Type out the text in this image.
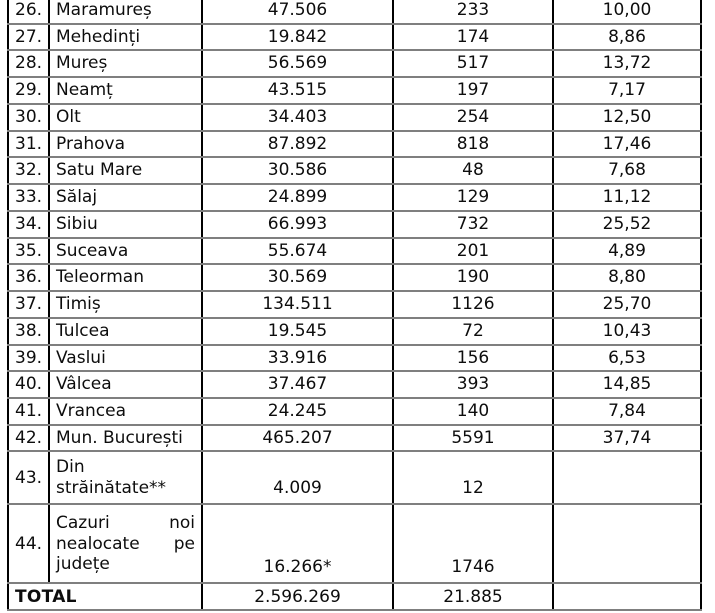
26.	Maramureș	47.506	233	10,00
27.	Mehedinți	19.842	174	8,86
28.	Mureș	56.569	517	13,72
29.	Neamț	43.515	197	7,17
30.	Olt	34.403	254	12,50
31.	Prahova	87.892	818	17,46
32.	Satu Mare	30.586	48	7,68
33.	Sălaj	24.899	129	11,12
34.	Sibiu	66.993	732	25,52
35.	Suceava	55.674	201	4,89
36.	Teleorman	30.569	190	8,80
37.	Timiș	134.511	1126	25,70
38.	Tulcea	19.545	72	10,43
39.	Vaslui	33.916	156	6,53
40.	Vâlcea	37.467	393	14,85
41.	Vrancea	24.245	140	7,84
42.	Mun. București	465.207	5591	37,74
43.	Din străinătate**	4.009	12	
44.	Cazuri noi nealocate pe județe	16.266*	1746	
TOTAL		2.596.269	21.885	
